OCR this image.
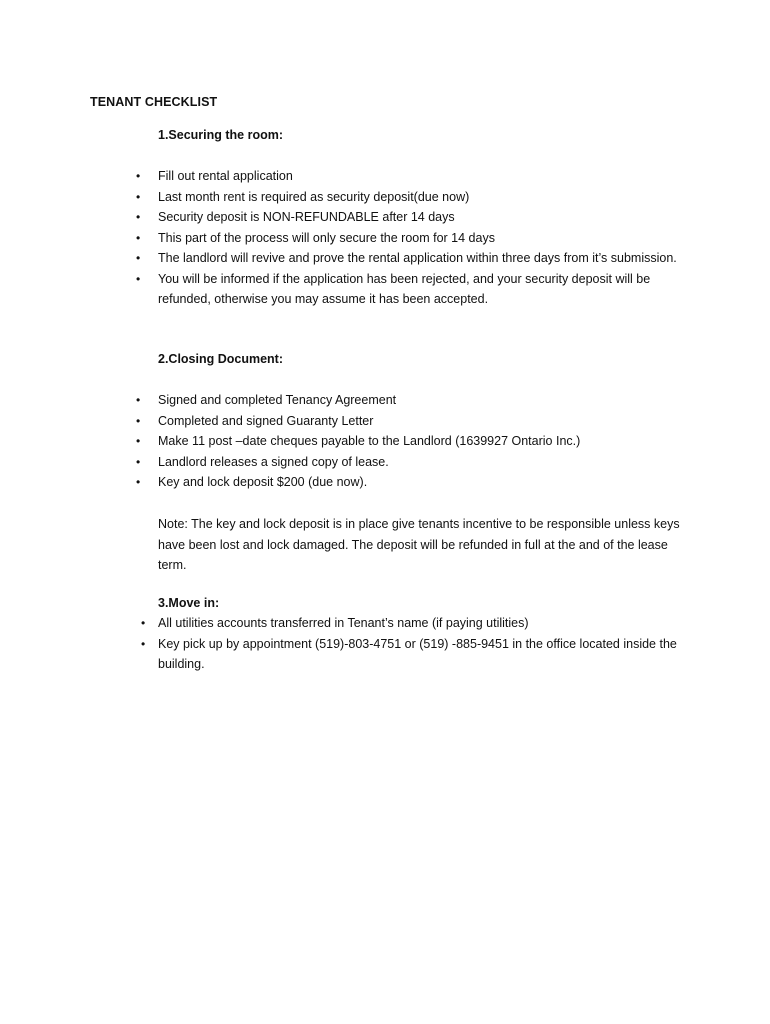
TENANT CHECKLIST
1.Securing the room:
• Fill out rental application
• Last month rent is required as security deposit(due now)
• Security deposit is NON-REFUNDABLE after 14 days
• This part of the process will only secure the room for 14 days
• The landlord will revive and prove the rental application within three days from it’s submission.
• You will be informed if the application has been rejected, and your security deposit will be refunded, otherwise you may assume it has been accepted.
2.Closing Document:
• Signed and completed Tenancy Agreement
• Completed and signed Guaranty Letter
• Make 11 post –date cheques payable to the Landlord (1639927 Ontario Inc.)
• Landlord releases a signed copy of lease.
• Key and lock deposit $200 (due now).
Note: The key and lock deposit is in place give tenants incentive to be responsible unless keys have been lost and lock damaged. The deposit will be refunded in full at the and of the lease term.
3.Move in:
• All utilities accounts transferred in Tenant’s name (if paying utilities)
• Key pick up by appointment (519)-803-4751 or (519) -885-9451 in the office located inside the building.
